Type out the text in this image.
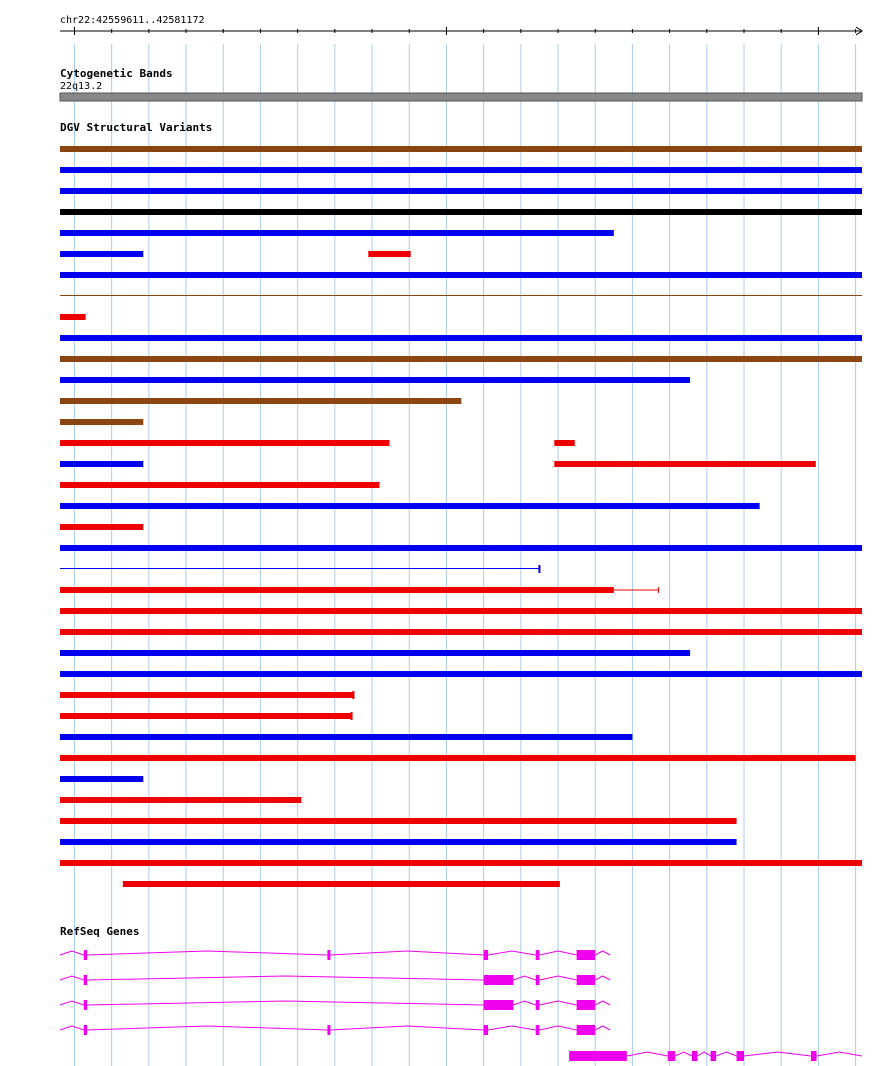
chr22:42559611..42581172
Cytogenetic Bands
22q13.2
DGV Structural Variants
RefSeq Genes
